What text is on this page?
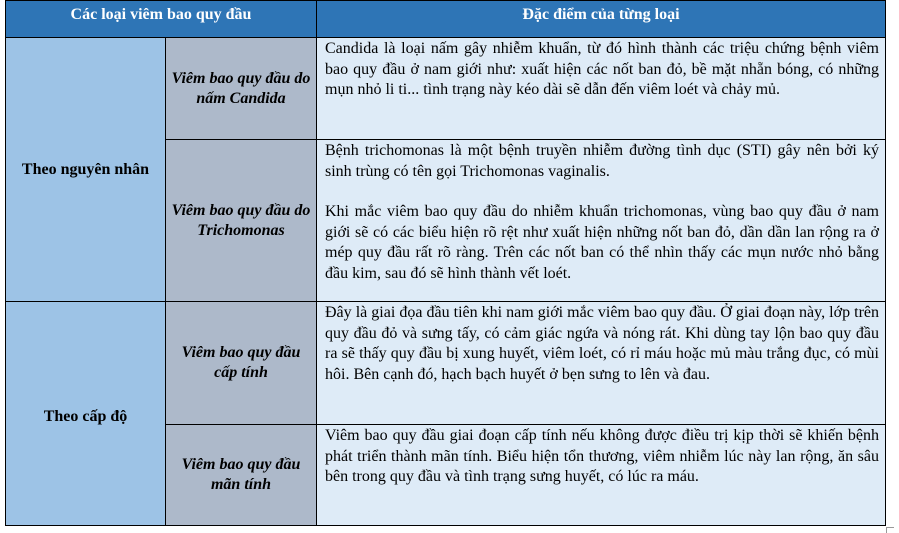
Các loại viêm bao quy đầu	Đặc điểm của từng loại
Theo nguyên nhân
Viêm bao quy đầu do nấm Candida

Candida là loại nấm gây nhiễm khuẩn, từ đó hình thành các triệu chứng bệnh viêm bao quy đầu ở nam giới như: xuất hiện các nốt ban đỏ, bề mặt nhẵn bóng, có những mụn nhỏ li ti... tình trạng này kéo dài sẽ dẫn đến viêm loét và chảy mủ.

Viêm bao quy đầu do Trichomonas

Bệnh trichomonas là một bệnh truyền nhiễm đường tình dục (STI) gây nên bởi ký sinh trùng có tên gọi Trichomonas vaginalis.

Khi mắc viêm bao quy đầu do nhiễm khuẩn trichomonas, vùng bao quy đầu ở nam giới sẽ có các biểu hiện rõ rệt như xuất hiện những nốt ban đỏ, dần dần lan rộng ra ở mép quy đầu rất rõ ràng. Trên các nốt ban có thể nhìn thấy các mụn nước nhỏ bằng đầu kim, sau đó sẽ hình thành vết loét.

Theo cấp độ
Viêm bao quy đầu cấp tính

Đây là giai đọa đầu tiên khi nam giới mắc viêm bao quy đầu. Ở giai đoạn này, lớp trên quy đầu đỏ và sưng tấy, có cảm giác ngứa và nóng rát. Khi dùng tay lộn bao quy đầu ra sẽ thấy quy đầu bị xung huyết, viêm loét, có rỉ máu hoặc mủ màu trắng đục, có mùi hôi. Bên cạnh đó, hạch bạch huyết ở bẹn sưng to lên và đau.

Viêm bao quy đầu mãn tính

Viêm bao quy đầu giai đoạn cấp tính nếu không được điều trị kịp thời sẽ khiến bệnh phát triển thành mãn tính. Biểu hiện tổn thương, viêm nhiễm lúc này lan rộng, ăn sâu bên trong quy đầu và tình trạng sưng huyết, có lúc ra máu.
